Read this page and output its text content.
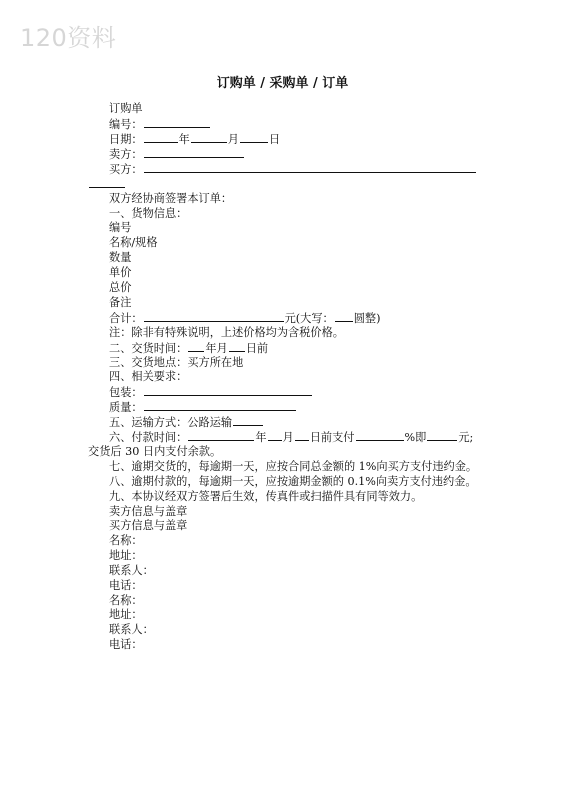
120资料
订购单 / 采购单 / 订单
订购单
编号：
日期：	年	月	日
卖方：
买方：
双方经协商签署本订单：
一、货物信息：
编号
名称/规格
数量
单价
总价
备注
合计：	元(大写： 圆整)
注：除非有特殊说明，上述价格均为含税价格。
二、交货时间： 年月 日前
三、交货地点：买方所在地
四、相关要求：
包装：
质量：
五、运输方式：公路运输
六、付款时间：	年 月 日前支付	%即	元;
交货后 30 日内支付余款。
七、逾期交货的，每逾期一天，应按合同总金额的 1%向买方支付违约金。
八、逾期付款的，每逾期一天，应按逾期金额的 0.1%向卖方支付违约金。
九、本协议经双方签署后生效，传真件或扫描件具有同等效力。
卖方信息与盖章
买方信息与盖章
名称：
地址：
联系人：
电话：
名称：
地址：
联系人：
电话：
